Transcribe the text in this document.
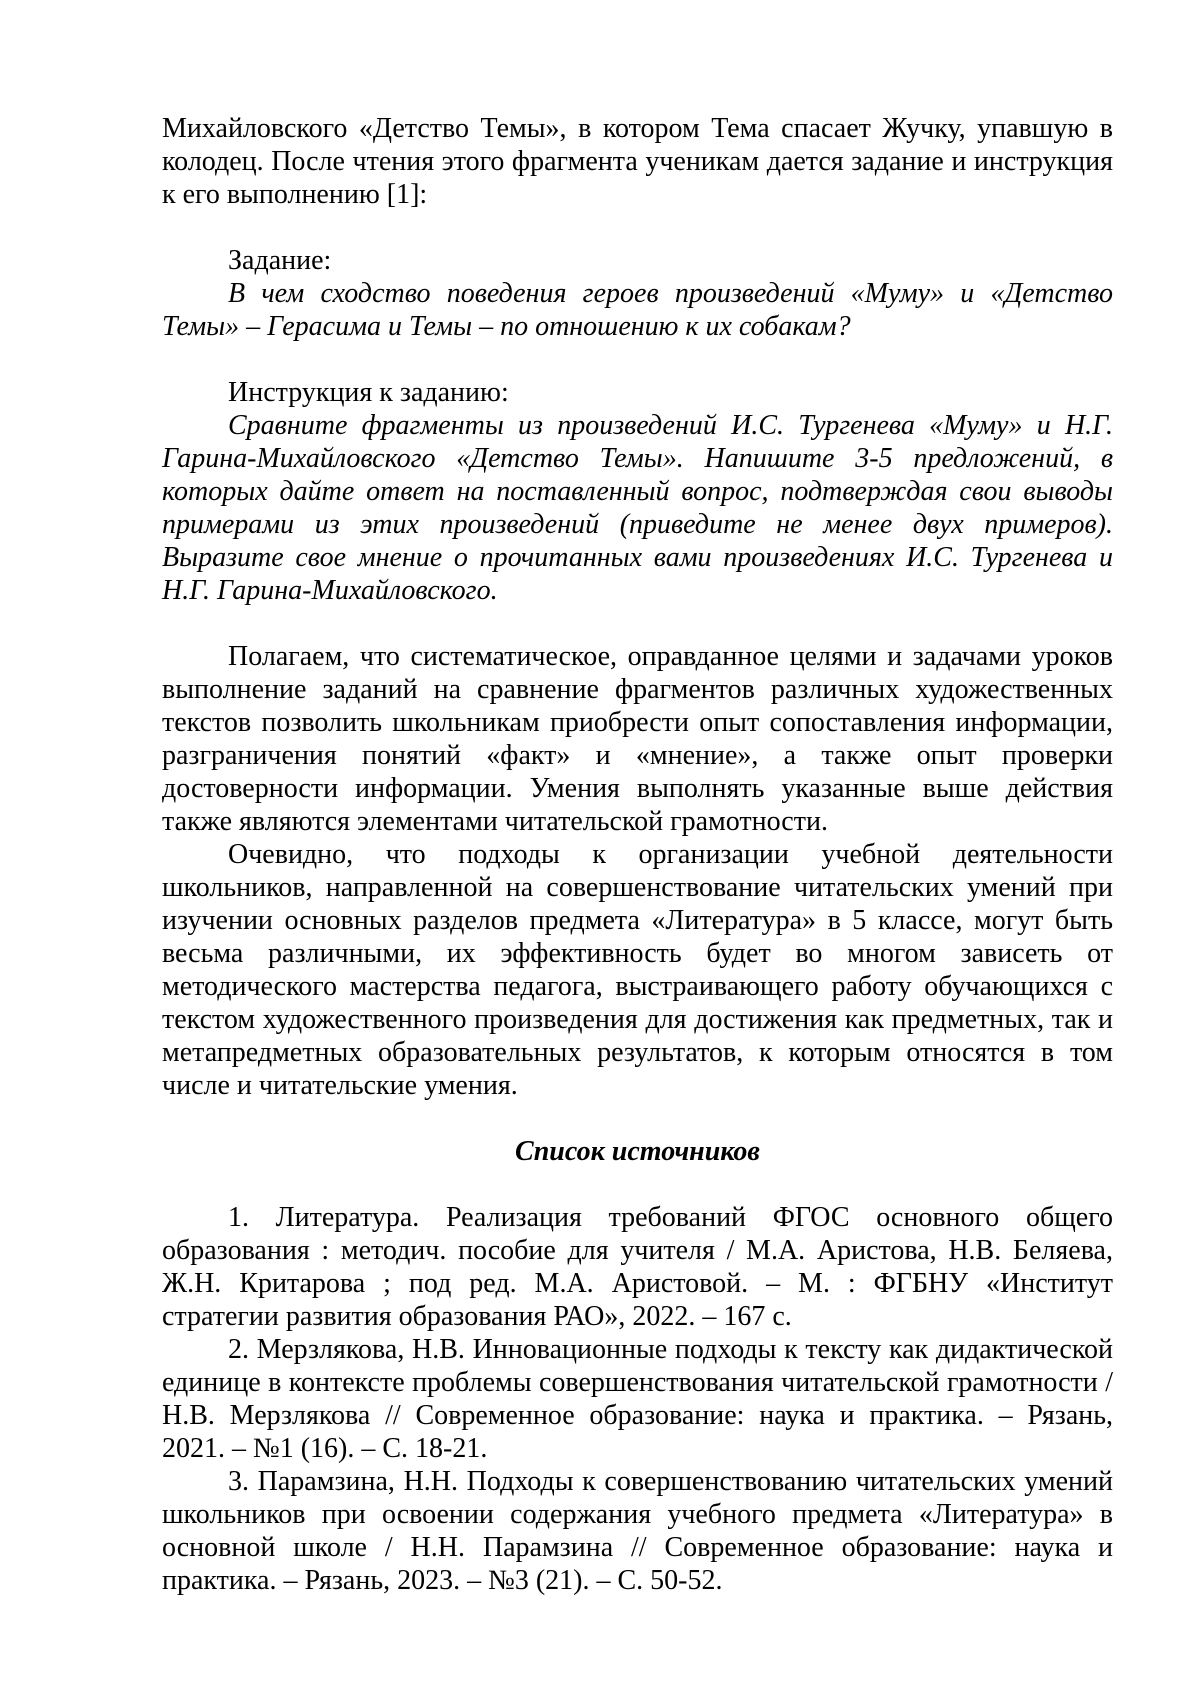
Михайловского «Детство Темы», в котором Тема спасает Жучку, упавшую в колодец. После чтения этого фрагмента ученикам дается задание и инструкция к его выполнению [1]:

Задание:

В чем сходство поведения героев произведений «Муму» и «Детство Темы» – Герасима и Темы – по отношению к их собакам?

Инструкция к заданию:

Сравните фрагменты из произведений И.С. Тургенева «Муму» и Н.Г. Гарина-Михайловского «Детство Темы». Напишите 3-5 предложений, в которых дайте ответ на поставленный вопрос, подтверждая свои выводы примерами из этих произведений (приведите не менее двух примеров). Выразите свое мнение о прочитанных вами произведениях И.С. Тургенева и Н.Г. Гарина-Михайловского.

Полагаем, что систематическое, оправданное целями и задачами уроков выполнение заданий на сравнение фрагментов различных художественных текстов позволить школьникам приобрести опыт сопоставления информации, разграничения понятий «факт» и «мнение», а также опыт проверки достоверности информации. Умения выполнять указанные выше действия также являются элементами читательской грамотности.

Очевидно, что подходы к организации учебной деятельности школьников, направленной на совершенствование читательских умений при изучении основных разделов предмета «Литература» в 5 классе, могут быть весьма различными, их эффективность будет во многом зависеть от методического мастерства педагога, выстраивающего работу обучающихся с текстом художественного произведения для достижения как предметных, так и метапредметных образовательных результатов, к которым относятся в том числе и читательские умения.

Список источников

1. Литература. Реализация требований ФГОС основного общего образования : методич. пособие для учителя / М.А. Аристова, Н.В. Беляева, Ж.Н. Критарова ; под ред. М.А. Аристовой. – М. : ФГБНУ «Институт стратегии развития образования РАО», 2022. – 167 с.

2. Мерзлякова, Н.В. Инновационные подходы к тексту как дидактической единице в контексте проблемы совершенствования читательской грамотности / Н.В. Мерзлякова // Современное образование: наука и практика. – Рязань, 2021. – №1 (16). – С. 18-21.

3. Парамзина, Н.Н. Подходы к совершенствованию читательских умений школьников при освоении содержания учебного предмета «Литература» в основной школе / Н.Н. Парамзина // Современное образование: наука и практика. – Рязань, 2023. – №3 (21). – С. 50-52.
